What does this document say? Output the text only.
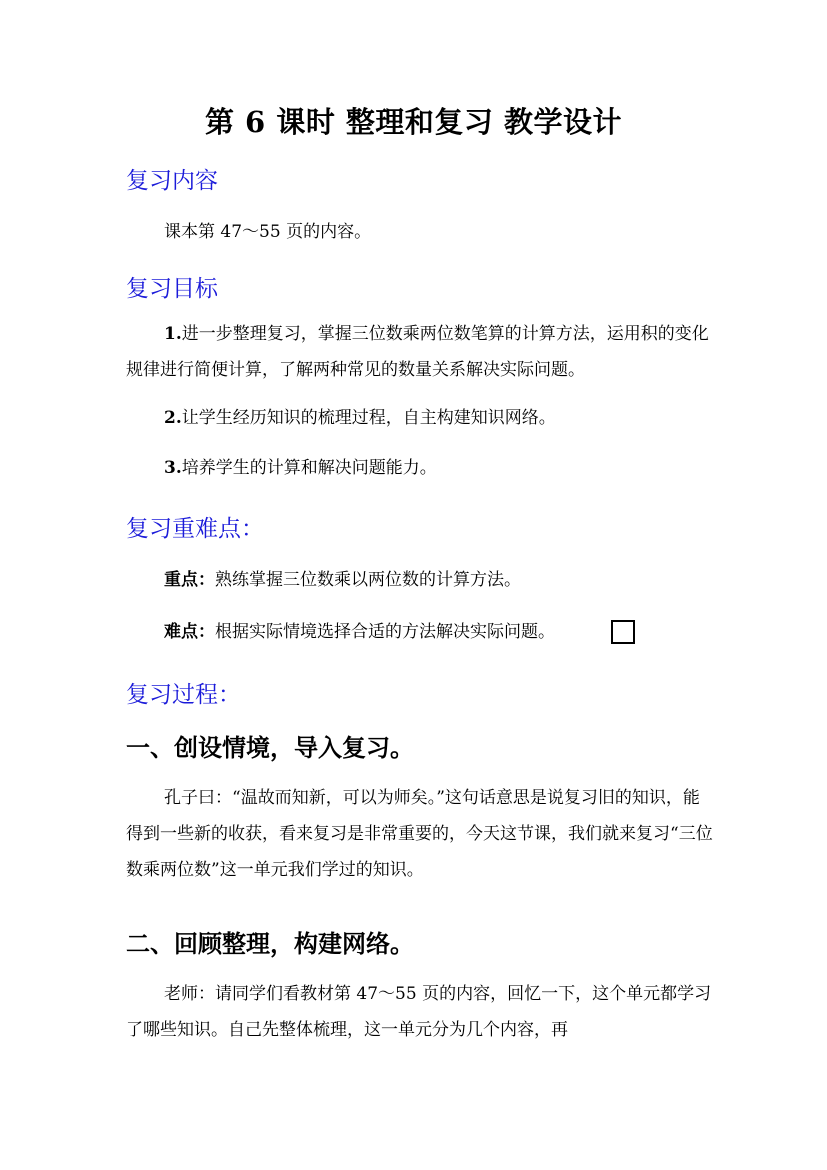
第 6 课时 整理和复习 教学设计
复习内容
课本第 47～55 页的内容。
复习目标
1.进一步整理复习，掌握三位数乘两位数笔算的计算方法，运用积的变化规律进行简便计算，了解两种常见的数量关系解决实际问题。
2.让学生经历知识的梳理过程，自主构建知识网络。
3.培养学生的计算和解决问题能力。
复习重难点：
重点：熟练掌握三位数乘以两位数的计算方法。
难点：根据实际情境选择合适的方法解决实际问题。
复习过程：
一、创设情境，导入复习。
孔子曰：“温故而知新，可以为师矣。”这句话意思是说复习旧的知识，能得到一些新的收获，看来复习是非常重要的，今天这节课，我们就来复习“三位数乘两位数”这一单元我们学过的知识。
二、回顾整理，构建网络。
老师：请同学们看教材第 47～55 页的内容，回忆一下，这个单元都学习了哪些知识。自己先整体梳理，这一单元分为几个内容，再
